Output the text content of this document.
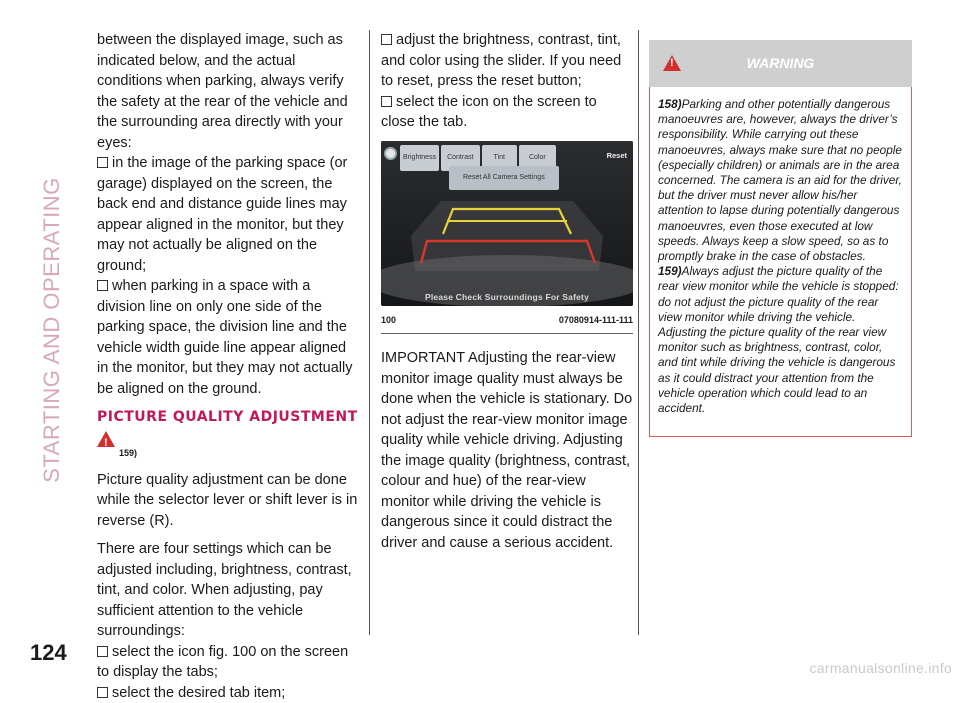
STARTING AND OPERATING
124

between the displayed image, such as indicated below, and the actual conditions when parking, always verify the safety at the rear of the vehicle and the surrounding area directly with your eyes:

in the image of the parking space (or garage) displayed on the screen, the back end and distance guide lines may appear aligned in the monitor, but they may not actually be aligned on the ground;
when parking in a space with a division line on only one side of the parking space, the division line and the vehicle width guide line appear aligned in the monitor, but they may not actually be aligned on the ground.
PICTURE QUALITY ADJUSTMENT
!
159)

Picture quality adjustment can be done while the selector lever or shift lever is in reverse (R).

There are four settings which can be adjusted including, brightness, contrast, tint, and color. When adjusting, pay sufficient attention to the vehicle surroundings:

select the icon fig. 100 on the screen to display the tabs;
select the desired tab item;
adjust the brightness, contrast, tint, and color using the slider. If you need to reset, press the reset button;
select the icon on the screen to close the tab.
Brightness	Contrast	Tint	Color	Reset
Reset All Camera Settings
Please Check Surroundings For Safety
100	07080914-111-111

IMPORTANT Adjusting the rear-view monitor image quality must always be done when the vehicle is stationary. Do not adjust the rear-view monitor image quality while vehicle driving. Adjusting the image quality (brightness, contrast, colour and hue) of the rear-view monitor while driving the vehicle is dangerous since it could distract the driver and cause a serious accident.

!
WARNING

158)Parking and other potentially dangerous manoeuvres are, however, always the driver’s responsibility. While carrying out these manoeuvres, always make sure that no people (especially children) or animals are in the area concerned. The camera is an aid for the driver, but the driver must never allow his/her attention to lapse during potentially dangerous manoeuvres, even those executed at low speeds. Always keep a slow speed, so as to promptly brake in the case of obstacles.

159)Always adjust the picture quality of the rear view monitor while the vehicle is stopped: do not adjust the picture quality of the rear view monitor while driving the vehicle. Adjusting the picture quality of the rear view monitor such as brightness, contrast, color, and tint while driving the vehicle is dangerous as it could distract your attention from the vehicle operation which could lead to an accident.

carmanualsonline.info
